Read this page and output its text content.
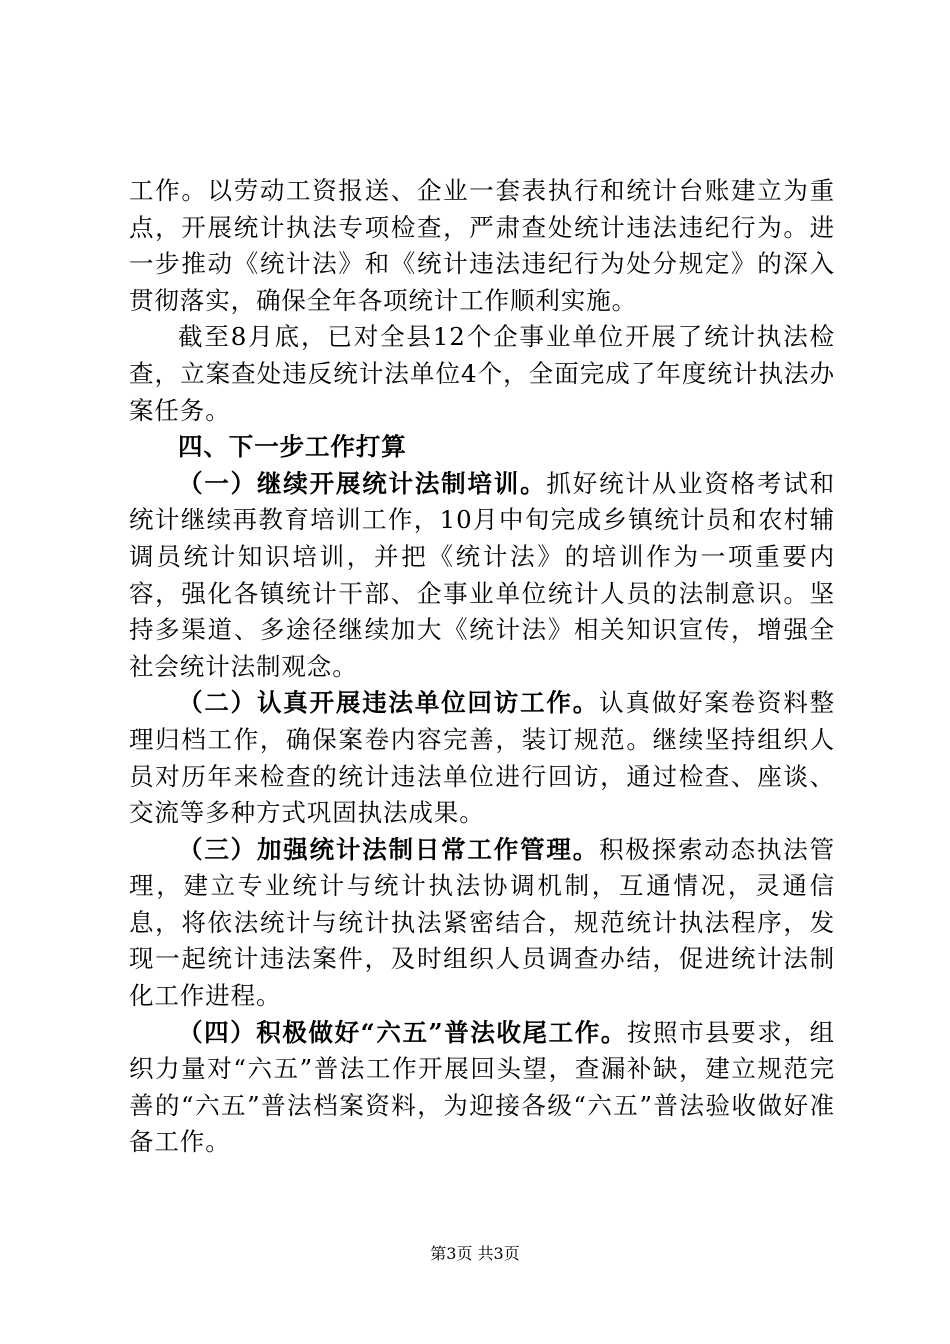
工作。以劳动工资报送、企业一套表执行和统计台账建立为重点，开展统计执法专项检查，严肃查处统计违法违纪行为。进一步推动《统计法》和《统计违法违纪行为处分规定》的深入贯彻落实，确保全年各项统计工作顺利实施。

截至8月底，已对全县12个企事业单位开展了统计执法检查，立案查处违反统计法单位4个，全面完成了年度统计执法办案任务。

四、下一步工作打算

（一）继续开展统计法制培训。抓好统计从业资格考试和统计继续再教育培训工作，10月中旬完成乡镇统计员和农村辅调员统计知识培训，并把《统计法》的培训作为一项重要内容，强化各镇统计干部、企事业单位统计人员的法制意识。坚持多渠道、多途径继续加大《统计法》相关知识宣传，增强全社会统计法制观念。

（二）认真开展违法单位回访工作。认真做好案卷资料整理归档工作，确保案卷内容完善，装订规范。继续坚持组织人员对历年来检查的统计违法单位进行回访，通过检查、座谈、交流等多种方式巩固执法成果。

（三）加强统计法制日常工作管理。积极探索动态执法管理，建立专业统计与统计执法协调机制，互通情况，灵通信息，将依法统计与统计执法紧密结合，规范统计执法程序，发现一起统计违法案件，及时组织人员调查办结，促进统计法制化工作进程。

（四）积极做好“六五”普法收尾工作。按照市县要求，组织力量对“六五”普法工作开展回头望，查漏补缺，建立规范完善的“六五”普法档案资料，为迎接各级“六五”普法验收做好准备工作。

第3页 共3页
